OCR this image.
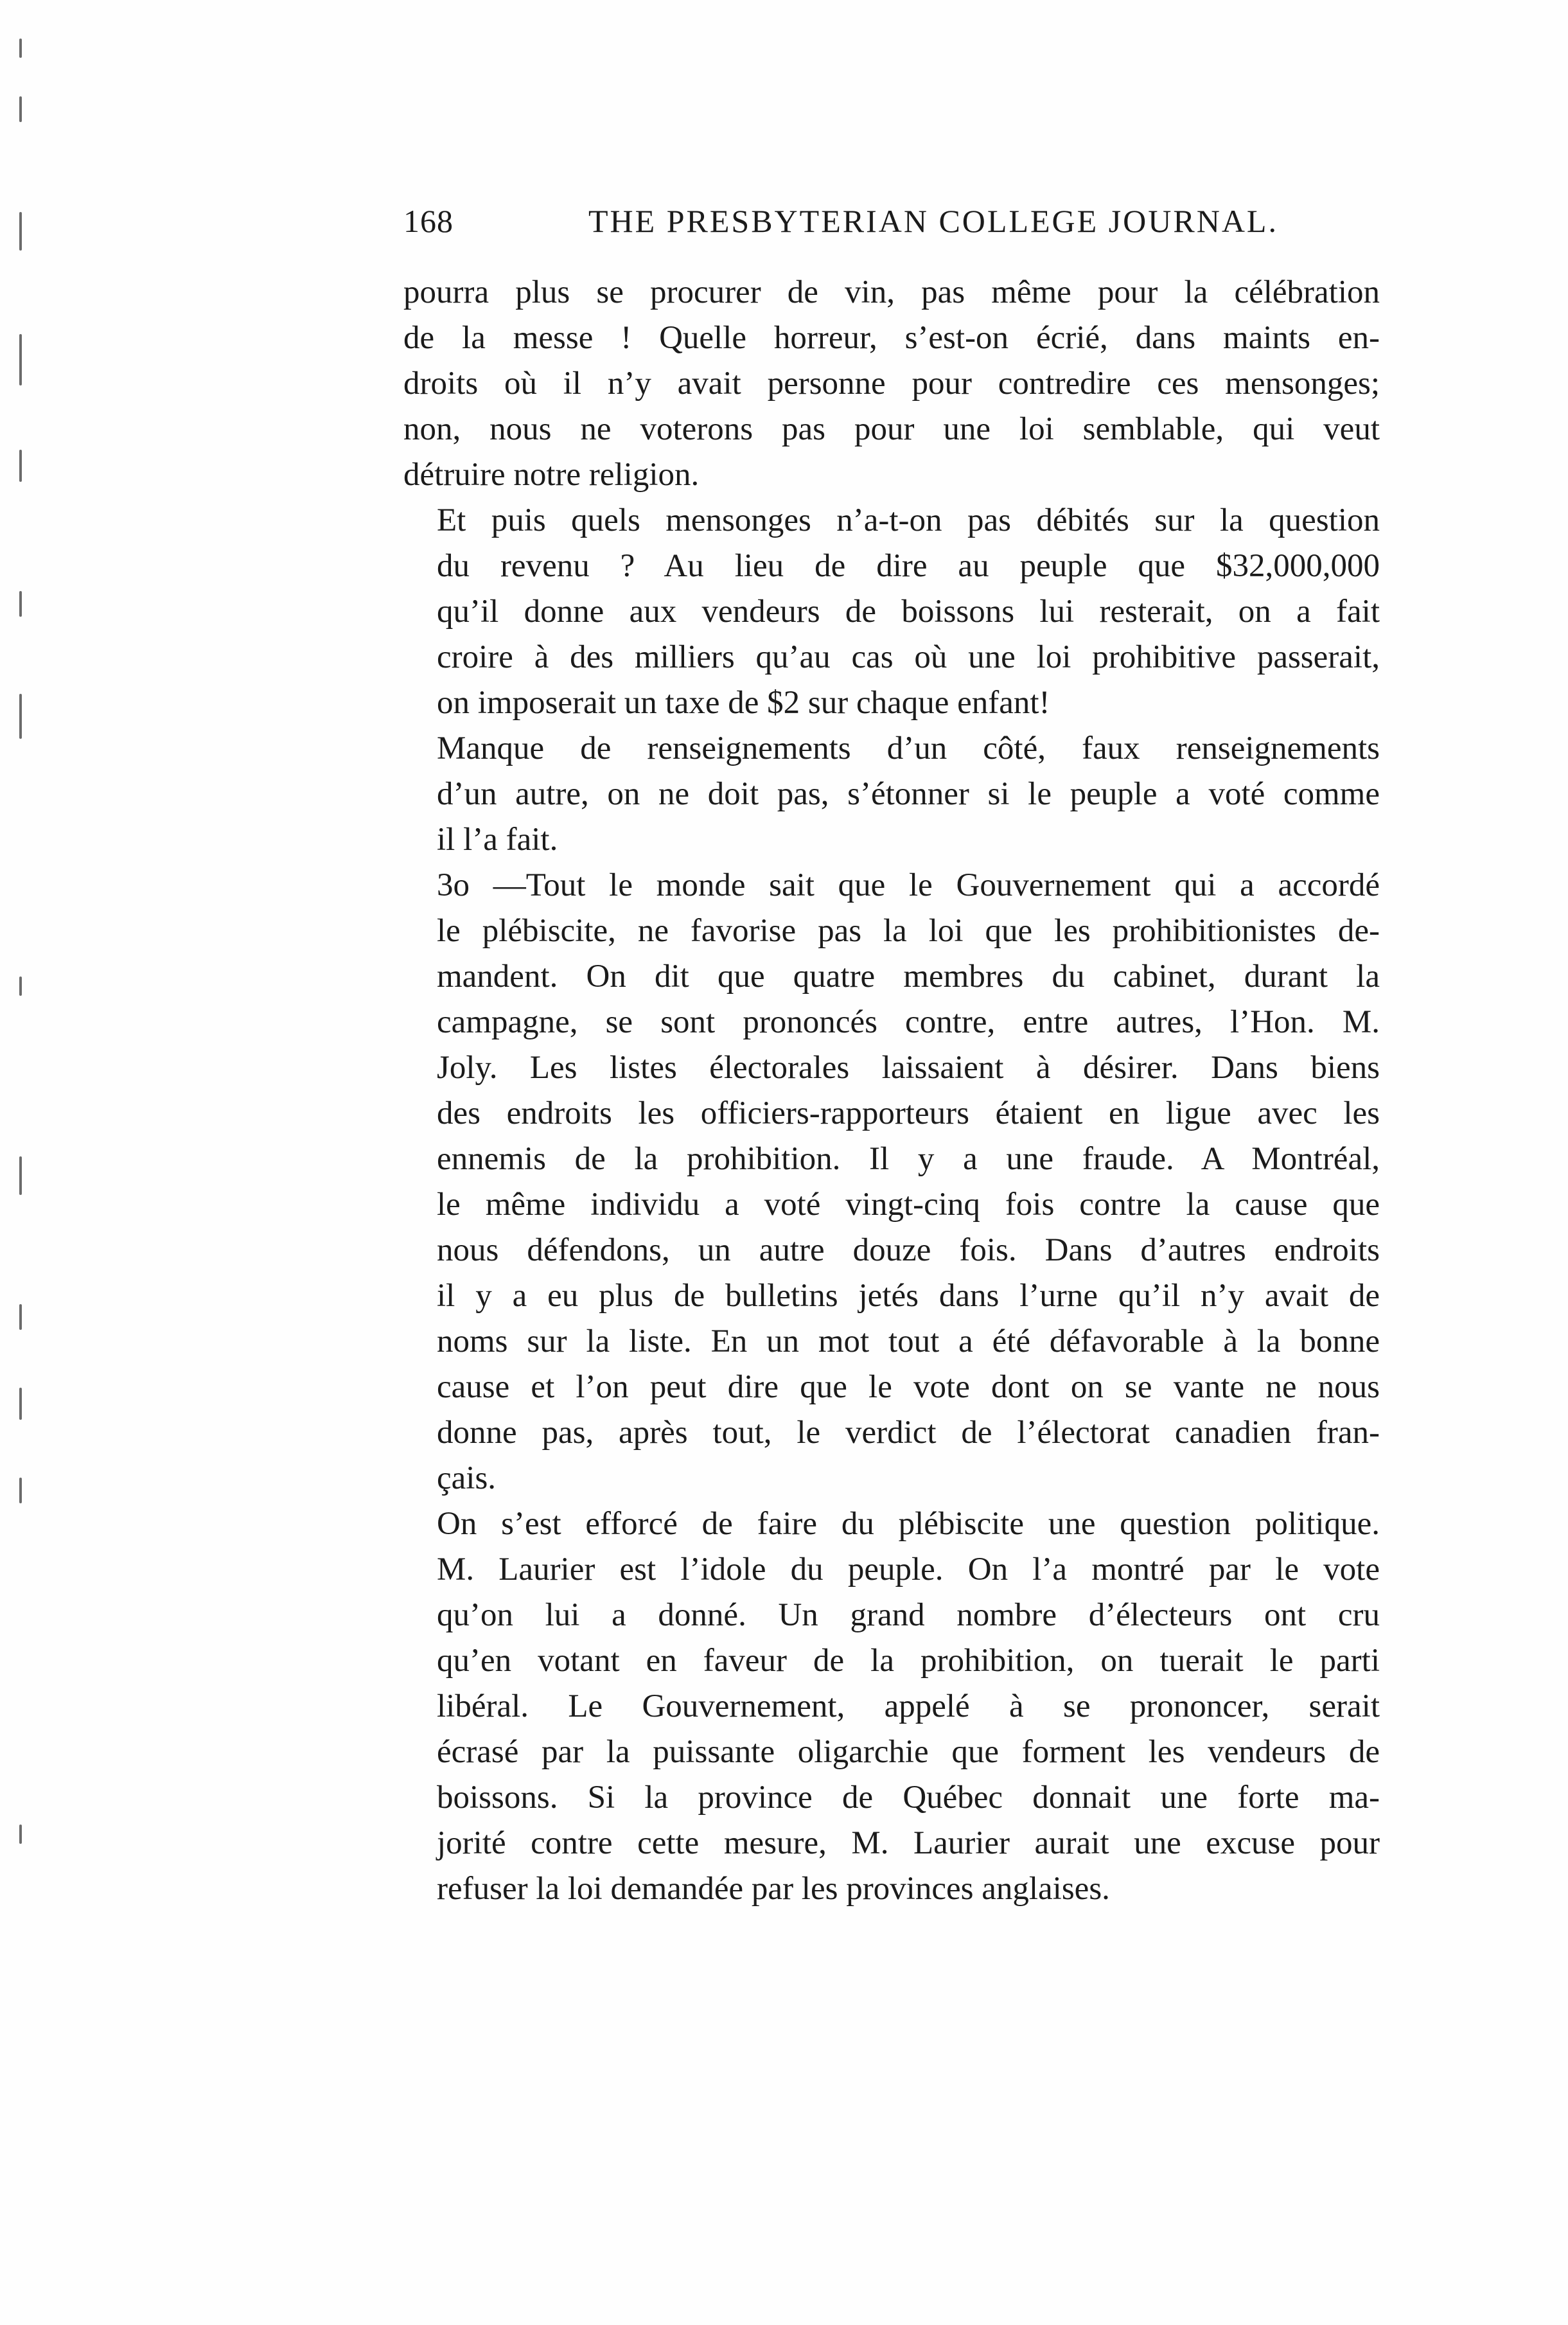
168	THE PRESBYTERIAN COLLEGE JOURNAL.
pourra plus se procurer de vin, pas même pour la célébration
de la messe ! Quelle horreur, s’est-on écrié, dans maints en-
droits où il n’y avait personne pour contredire ces mensonges;
non, nous ne voterons pas pour une loi semblable, qui veut
détruire notre religion.
Et puis quels mensonges n’a-t-on pas débités sur la question
du revenu ? Au lieu de dire au peuple que $32,000,000
qu’il donne aux vendeurs de boissons lui resterait, on a fait
croire à des milliers qu’au cas où une loi prohibitive passerait,
on imposerait un taxe de $2 sur chaque enfant!
Manque de renseignements d’un côté, faux renseignements
d’un autre, on ne doit pas, s’étonner si le peuple a voté comme
il l’a fait.
3o —Tout le monde sait que le Gouvernement qui a accordé
le plébiscite, ne favorise pas la loi que les prohibitionistes de-
mandent. On dit que quatre membres du cabinet, durant la
campagne, se sont prononcés contre, entre autres, l’Hon. M.
Joly. Les listes électorales laissaient à désirer. Dans biens
des endroits les officiers-rapporteurs étaient en ligue avec les
ennemis de la prohibition. Il y a une fraude. A Montréal,
le même individu a voté vingt-cinq fois contre la cause que
nous défendons, un autre douze fois. Dans d’autres endroits
il y a eu plus de bulletins jetés dans l’urne qu’il n’y avait de
noms sur la liste. En un mot tout a été défavorable à la bonne
cause et l’on peut dire que le vote dont on se vante ne nous
donne pas, après tout, le verdict de l’électorat canadien fran-
çais.
On s’est efforcé de faire du plébiscite une question politique.
M. Laurier est l’idole du peuple. On l’a montré par le vote
qu’on lui a donné. Un grand nombre d’électeurs ont cru
qu’en votant en faveur de la prohibition, on tuerait le parti
libéral. Le Gouvernement, appelé à se prononcer, serait
écrasé par la puissante oligarchie que forment les vendeurs de
boissons. Si la province de Québec donnait une forte ma-
jorité contre cette mesure, M. Laurier aurait une excuse pour
refuser la loi demandée par les provinces anglaises.
